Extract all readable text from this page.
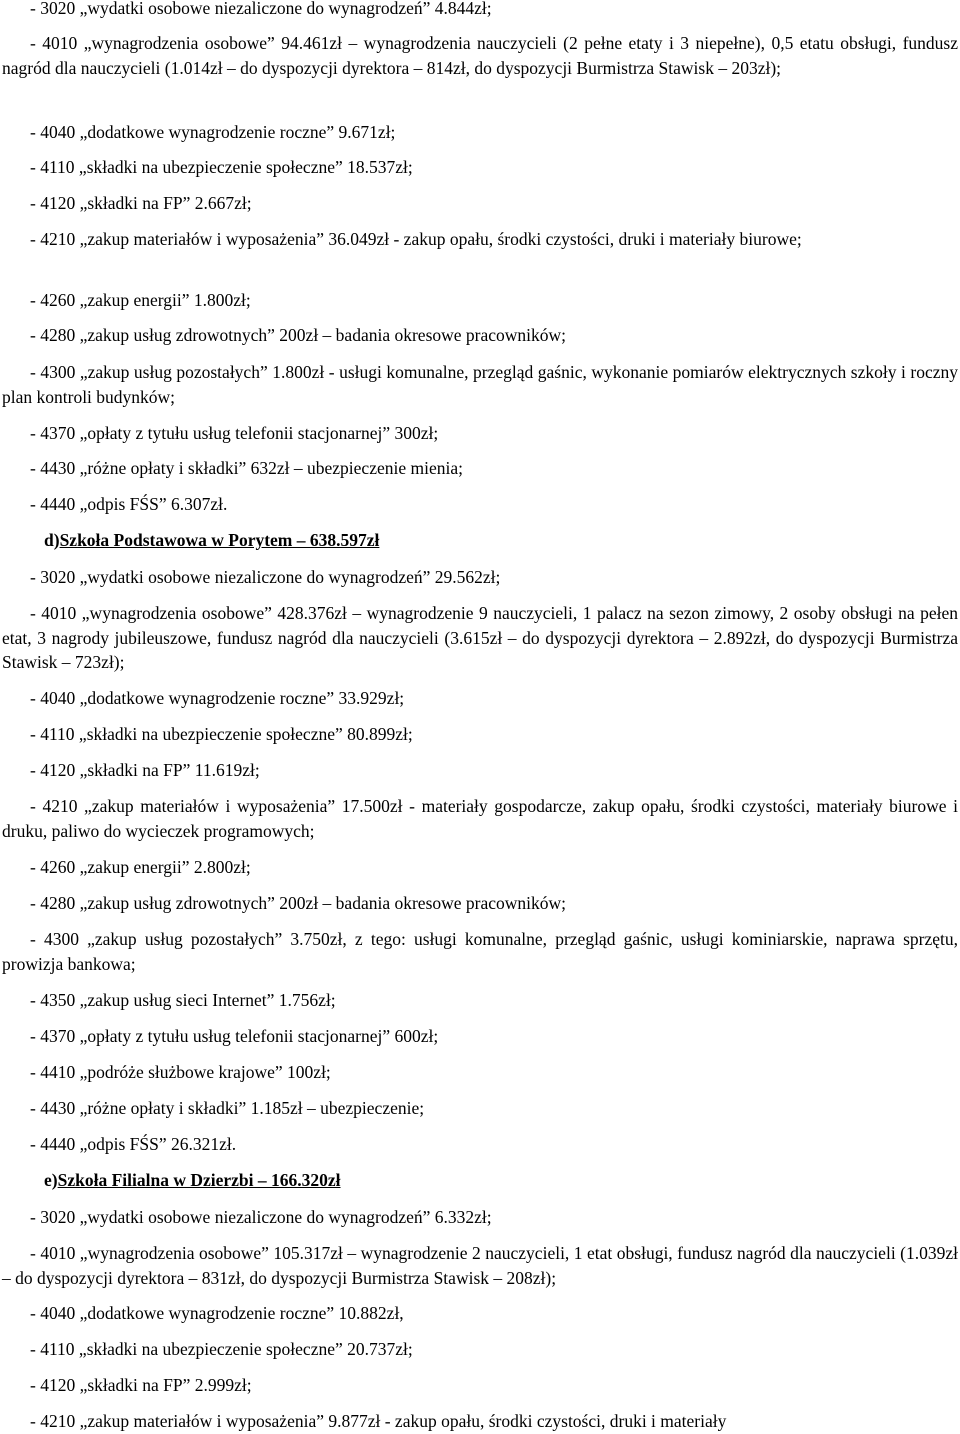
- 3020 „wydatki osobowe niezaliczone do wynagrodzeń” 4.844zł;

- 4010 „wynagrodzenia osobowe” 94.461zł – wynagrodzenia nauczycieli (2 pełne etaty i 3 niepełne), 0,5 etatu obsługi, fundusz nagród dla nauczycieli (1.014zł – do dyspozycji dyrektora – 814zł, do dyspozycji Burmistrza Stawisk – 203zł);

- 4040 „dodatkowe wynagrodzenie roczne” 9.671zł;

- 4110 „składki na ubezpieczenie społeczne” 18.537zł;

- 4120 „składki na FP” 2.667zł;

- 4210 „zakup materiałów i wyposażenia” 36.049zł - zakup opału, środki czystości, druki i materiały biurowe;

- 4260 „zakup energii” 1.800zł;

- 4280 „zakup usług zdrowotnych” 200zł – badania okresowe pracowników;

- 4300 „zakup usług pozostałych” 1.800zł - usługi komunalne, przegląd gaśnic, wykonanie pomiarów elektrycznych szkoły i roczny plan kontroli budynków;

- 4370 „opłaty z tytułu usług telefonii stacjonarnej” 300zł;

- 4430 „różne opłaty i składki” 632zł – ubezpieczenie mienia;

- 4440 „odpis FŚS” 6.307zł.

d)Szkoła Podstawowa w Porytem – 638.597zł

- 3020 „wydatki osobowe niezaliczone do wynagrodzeń” 29.562zł;

- 4010 „wynagrodzenia osobowe” 428.376zł – wynagrodzenie 9 nauczycieli, 1 palacz na sezon zimowy, 2 osoby obsługi na pełen etat, 3 nagrody jubileuszowe, fundusz nagród dla nauczycieli (3.615zł – do dyspozycji dyrektora – 2.892zł, do dyspozycji Burmistrza Stawisk – 723zł);

- 4040 „dodatkowe wynagrodzenie roczne” 33.929zł;

- 4110 „składki na ubezpieczenie społeczne” 80.899zł;

- 4120 „składki na FP” 11.619zł;

- 4210 „zakup materiałów i wyposażenia” 17.500zł - materiały gospodarcze, zakup opału, środki czystości, materiały biurowe i druku, paliwo do wycieczek programowych;

- 4260 „zakup energii” 2.800zł;

- 4280 „zakup usług zdrowotnych” 200zł – badania okresowe pracowników;

- 4300 „zakup usług pozostałych” 3.750zł, z tego: usługi komunalne, przegląd gaśnic, usługi kominiarskie, naprawa sprzętu, prowizja bankowa;

- 4350 „zakup usług sieci Internet” 1.756zł;

- 4370 „opłaty z tytułu usług telefonii stacjonarnej” 600zł;

- 4410 „podróże służbowe krajowe” 100zł;

- 4430 „różne opłaty i składki” 1.185zł – ubezpieczenie;

- 4440 „odpis FŚS” 26.321zł.

e)Szkoła Filialna w Dzierzbi – 166.320zł

- 3020 „wydatki osobowe niezaliczone do wynagrodzeń” 6.332zł;

- 4010 „wynagrodzenia osobowe” 105.317zł – wynagrodzenie 2 nauczycieli, 1 etat obsługi, fundusz nagród dla nauczycieli (1.039zł – do dyspozycji dyrektora – 831zł, do dyspozycji Burmistrza Stawisk – 208zł);

- 4040 „dodatkowe wynagrodzenie roczne” 10.882zł,

- 4110 „składki na ubezpieczenie społeczne” 20.737zł;

- 4120 „składki na FP” 2.999zł;

- 4210 „zakup materiałów i wyposażenia” 9.877zł - zakup opału, środki czystości, druki i materiały
